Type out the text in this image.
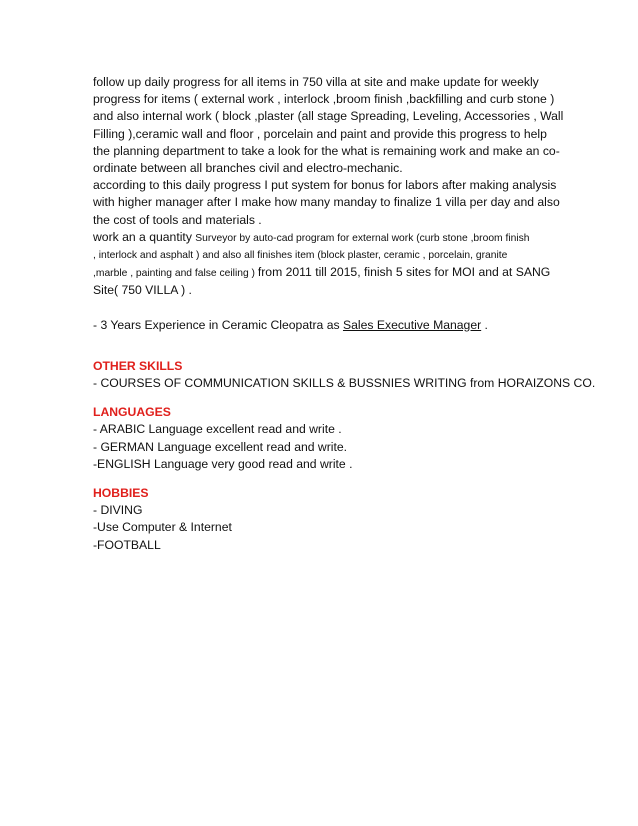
follow up daily progress for all items in 750 villa at site and make update for weekly
progress for items ( external work , interlock ,broom finish ,backfilling and curb stone )
and also internal work ( block ,plaster (all stage Spreading, Leveling, Accessories , Wall
Filling ),ceramic wall and floor , porcelain and paint and provide this progress to help
the planning department to take a look for the what is remaining work and make an co-
ordinate between all branches civil and electro-mechanic.
according to this daily progress I put system for bonus for labors after making analysis
with higher manager after I make how many manday to finalize 1 villa per day and also
the cost of tools and materials .
work an a quantity Surveyor by auto-cad program for external work (curb stone ,broom finish
, interlock and asphalt ) and also all finishes item (block plaster, ceramic , porcelain, granite
,marble , painting and false ceiling ) from 2011 till 2015, finish 5 sites for MOI and at SANG
Site( 750 VILLA ) .
- 3 Years Experience in Ceramic Cleopatra as Sales Executive Manager .
OTHER SKILLS
- COURSES OF COMMUNICATION SKILLS & BUSSNIES WRITING from HORAIZONS CO.
LANGUAGES
- ARABIC Language excellent read and write .
- GERMAN Language excellent read and write.
-ENGLISH Language very good read and write .
HOBBIES
- DIVING
-Use Computer & Internet
-FOOTBALL
